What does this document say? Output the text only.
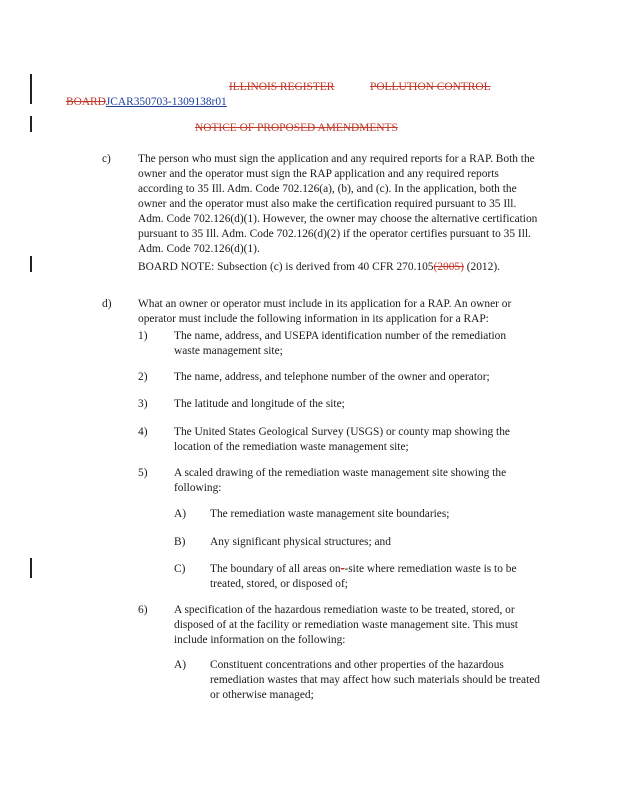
ILLINOIS REGISTER	POLLUTION CONTROL
BOARDJCAR350703-1309138r01
NOTICE OF PROPOSED AMENDMENTS
c) The person who must sign the application and any required reports for a RAP. Both the owner and the operator must sign the RAP application and any required reports according to 35 Ill. Adm. Code 702.126(a), (b), and (c). In the application, both the owner and the operator must also make the certification required pursuant to 35 Ill. Adm. Code 702.126(d)(1). However, the owner may choose the alternative certification pursuant to 35 Ill. Adm. Code 702.126(d)(2) if the operator certifies pursuant to 35 Ill. Adm. Code 702.126(d)(1).
BOARD NOTE: Subsection (c) is derived from 40 CFR 270.105(2005) (2012).
d) What an owner or operator must include in its application for a RAP. An owner or operator must include the following information in its application for a RAP:
1) The name, address, and USEPA identification number of the remediation waste management site;
2) The name, address, and telephone number of the owner and operator;
3) The latitude and longitude of the site;
4) The United States Geological Survey (USGS) or county map showing the location of the remediation waste management site;
5) A scaled drawing of the remediation waste management site showing the following:
A) The remediation waste management site boundaries;
B) Any significant physical structures; and
C) The boundary of all areas on--site where remediation waste is to be treated, stored, or disposed of;
6) A specification of the hazardous remediation waste to be treated, stored, or disposed of at the facility or remediation waste management site. This must include information on the following:
A) Constituent concentrations and other properties of the hazardous remediation wastes that may affect how such materials should be treated or otherwise managed;
